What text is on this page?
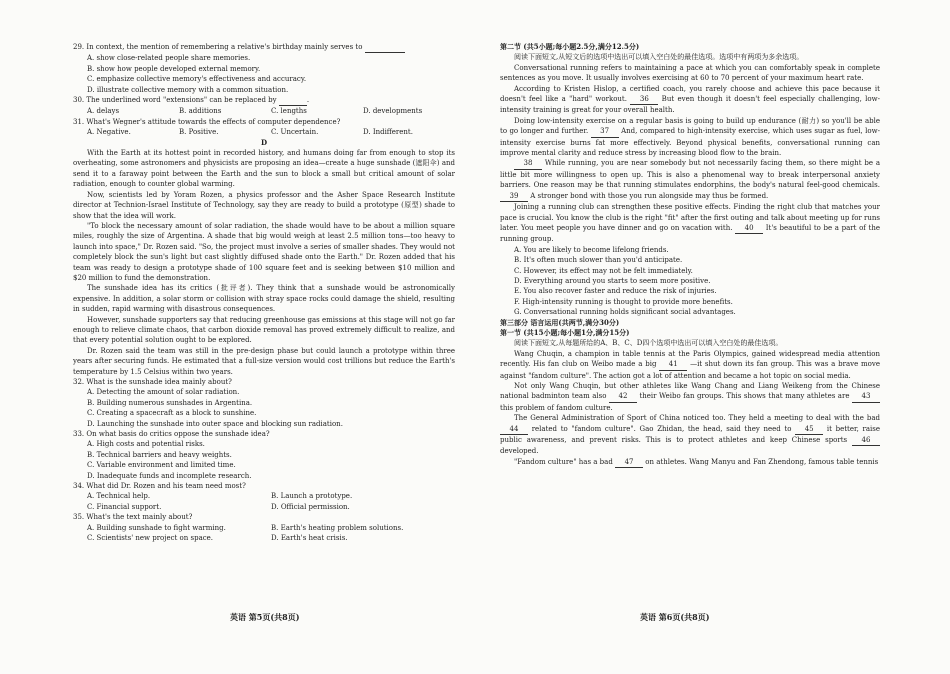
29. In context, the mention of remembering a relative's birthday mainly serves to

A. show close-related people share memories.

B. show how people developed external memory.

C. emphasize collective memory's effectiveness and accuracy.

D. illustrate collective memory with a common situation.

30. The underlined word "extensions" can be replaced by	.

A. delays	B. additions	C. lengths	D. developments

31. What's Wegner's attitude towards the effects of computer dependence?

A. Negative.	B. Positive.	C. Uncertain.	D. Indifferent.

D

With the Earth at its hottest point in recorded history, and humans doing far from enough to stop its overheating, some astronomers and physicists are proposing an idea—create a huge sunshade (遮阳伞) and send it to a faraway point between the Earth and the sun to block a small but critical amount of solar radiation, enough to counter global warming.

Now, scientists led by Yoram Rozen, a physics professor and the Asher Space Research Institute director at Technion-Israel Institute of Technology, say they are ready to build a prototype (原型) shade to show that the idea will work.

"To block the necessary amount of solar radiation, the shade would have to be about a million square miles, roughly the size of Argentina. A shade that big would weigh at least 2.5 million tons—too heavy to launch into space," Dr. Rozen said. "So, the project must involve a series of smaller shades. They would not completely block the sun's light but cast slightly diffused shade onto the Earth." Dr. Rozen added that his team was ready to design a prototype shade of 100 square feet and is seeking between $10 million and $20 million to fund the demonstration.

The sunshade idea has its critics (批评者). They think that a sunshade would be astronomically expensive. In addition, a solar storm or collision with stray space rocks could damage the shield, resulting in sudden, rapid warming with disastrous consequences.

However, sunshade supporters say that reducing greenhouse gas emissions at this stage will not go far enough to relieve climate chaos, that carbon dioxide removal has proved extremely difficult to realize, and that every potential solution ought to be explored.

Dr. Rozen said the team was still in the pre-design phase but could launch a prototype within three years after securing funds. He estimated that a full-size version would cost trillions but reduce the Earth's temperature by 1.5 Celsius within two years.

32. What is the sunshade idea mainly about?

A. Detecting the amount of solar radiation.

B. Building numerous sunshades in Argentina.

C. Creating a spacecraft as a block to sunshine.

D. Launching the sunshade into outer space and blocking sun radiation.

33. On what basis do critics oppose the sunshade idea?

A. High costs and potential risks.

B. Technical barriers and heavy weights.

C. Variable environment and limited time.

D. Inadequate funds and incomplete research.

34. What did Dr. Rozen and his team need most?

A. Technical help.	B. Launch a prototype.
C. Financial support.	D. Official permission.

35. What's the text mainly about?

A. Building sunshade to fight warming.	B. Earth's heating problem solutions.
C. Scientists' new project on space.	D. Earth's heat crisis.
英语 第5页(共8页)

第二节 (共5小题;每小题2.5分,满分12.5分)

阅读下面短文,从短文后的选项中选出可以填入空白处的最佳选项。选项中有两项为多余选项。

Conversational running refers to maintaining a pace at which you can comfortably speak in complete sentences as you move. It usually involves exercising at 60 to 70 percent of your maximum heart rate.

According to Kristen Hislop, a certified coach, you rarely choose and achieve this pace because it doesn't feel like a "hard" workout. 36 But even though it doesn't feel especially challenging, low-intensity training is great for your overall health.

Doing low-intensity exercise on a regular basis is going to build up endurance (耐力) so you'll be able to go longer and further. 37 And, compared to high-intensity exercise, which uses sugar as fuel, low-intensity exercise burns fat more effectively. Beyond physical benefits, conversational running can improve mental clarity and reduce stress by increasing blood flow to the brain.

38 While running, you are near somebody but not necessarily facing them, so there might be a little bit more willingness to open up. This is also a phenomenal way to break interpersonal anxiety barriers. One reason may be that running stimulates endorphins, the body's natural feel-good chemicals. 39 A stronger bond with those you run alongside may thus be formed.

Joining a running club can strengthen these positive effects. Finding the right club that matches your pace is crucial. You know the club is the right "fit" after the first outing and talk about meeting up for runs later. You meet people you have dinner and go on vacation with. 40 It's beautiful to be a part of the running group.

A. You are likely to become lifelong friends.

B. It's often much slower than you'd anticipate.

C. However, its effect may not be felt immediately.

D. Everything around you starts to seem more positive.

E. You also recover faster and reduce the risk of injuries.

F. High-intensity running is thought to provide more benefits.

G. Conversational running holds significant social advantages.

第三部分 语言运用(共两节,满分30分)

第一节 (共15小题;每小题1分,满分15分)

阅读下面短文,从每题所给的A、B、C、D四个选项中选出可以填入空白处的最佳选项。

Wang Chuqin, a champion in table tennis at the Paris Olympics, gained widespread media attention recently. His fan club on Weibo made a big 41 —it shut down its fan group. This was a brave move against "fandom culture". The action got a lot of attention and became a hot topic on social media.

Not only Wang Chuqin, but other athletes like Wang Chang and Liang Weikeng from the Chinese national badminton team also 42 their Weibo fan groups. This shows that many athletes are 43 this problem of fandom culture.

The General Administration of Sport of China noticed too. They held a meeting to deal with the bad 44 related to "fandom culture". Gao Zhidan, the head, said they need to 45 it better, raise public awareness, and prevent risks. This is to protect athletes and keep Chinese sports 46 developed.

"Fandom culture" has a bad 47 on athletes. Wang Manyu and Fan Zhendong, famous table tennis

英语 第6页(共8页)
